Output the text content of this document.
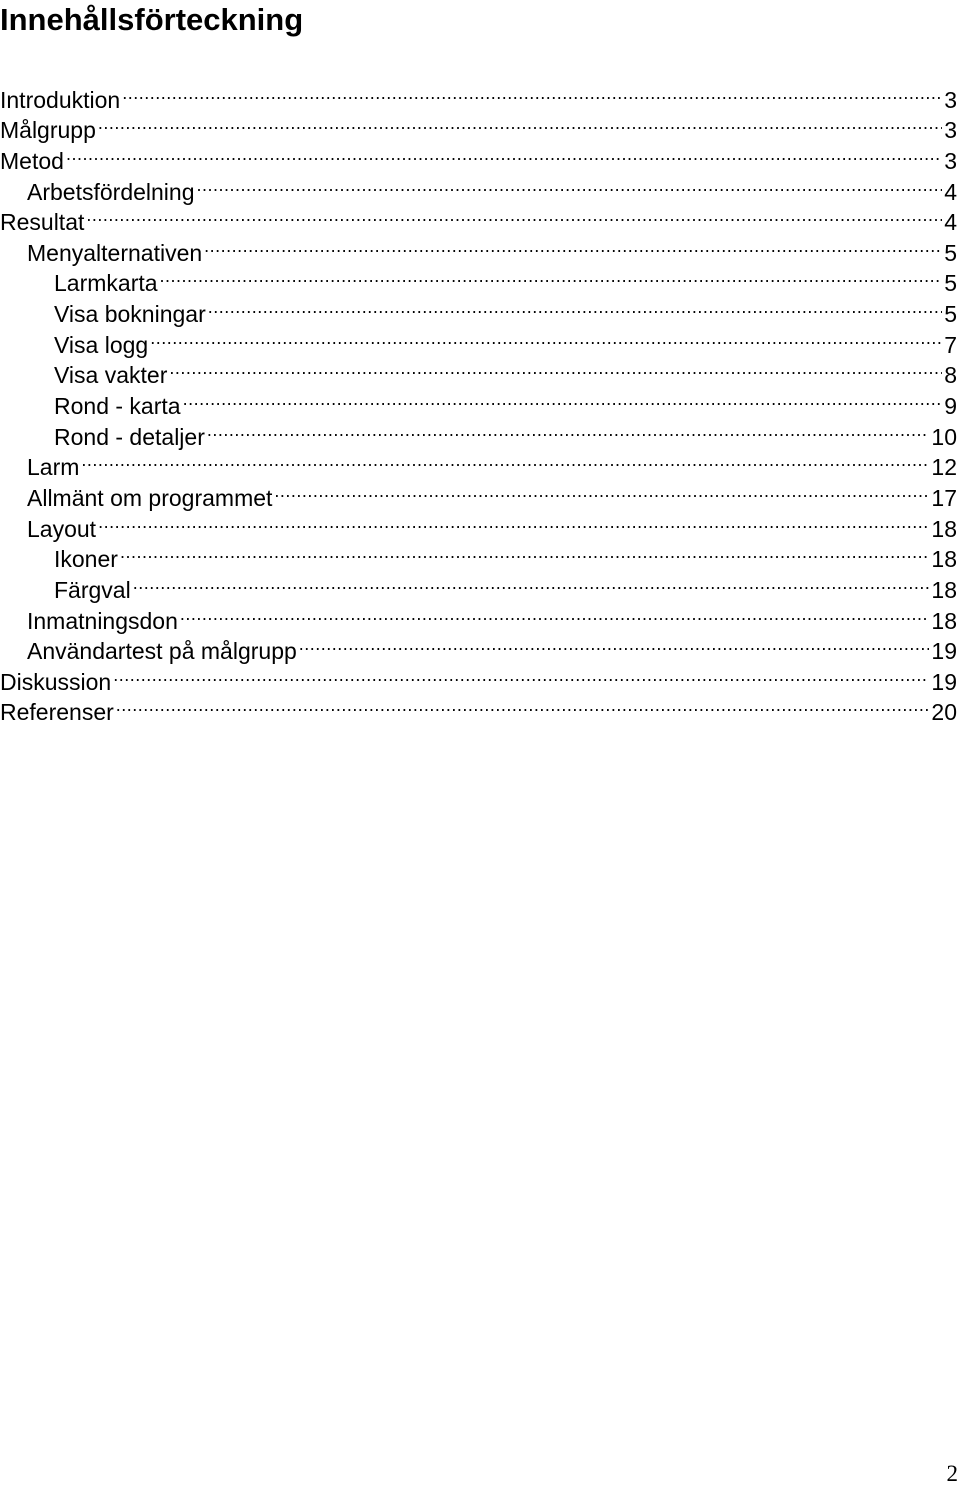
Innehållsförteckning
Introduktion .....	3
Målgrupp .....	3
Metod .....	3
Arbetsfördelning .....	4
Resultat .....	4
Menyalternativen .....	5
Larmkarta .....	5
Visa bokningar .....	5
Visa logg .....	7
Visa vakter .....	8
Rond - karta .....	9
Rond - detaljer .....	10
Larm .....	12
Allmänt om programmet .....	17
Layout .....	18
Ikoner .....	18
Färgval .....	18
Inmatningsdon .....	18
Användartest på målgrupp .....	19
Diskussion .....	19
Referenser .....	20
2
